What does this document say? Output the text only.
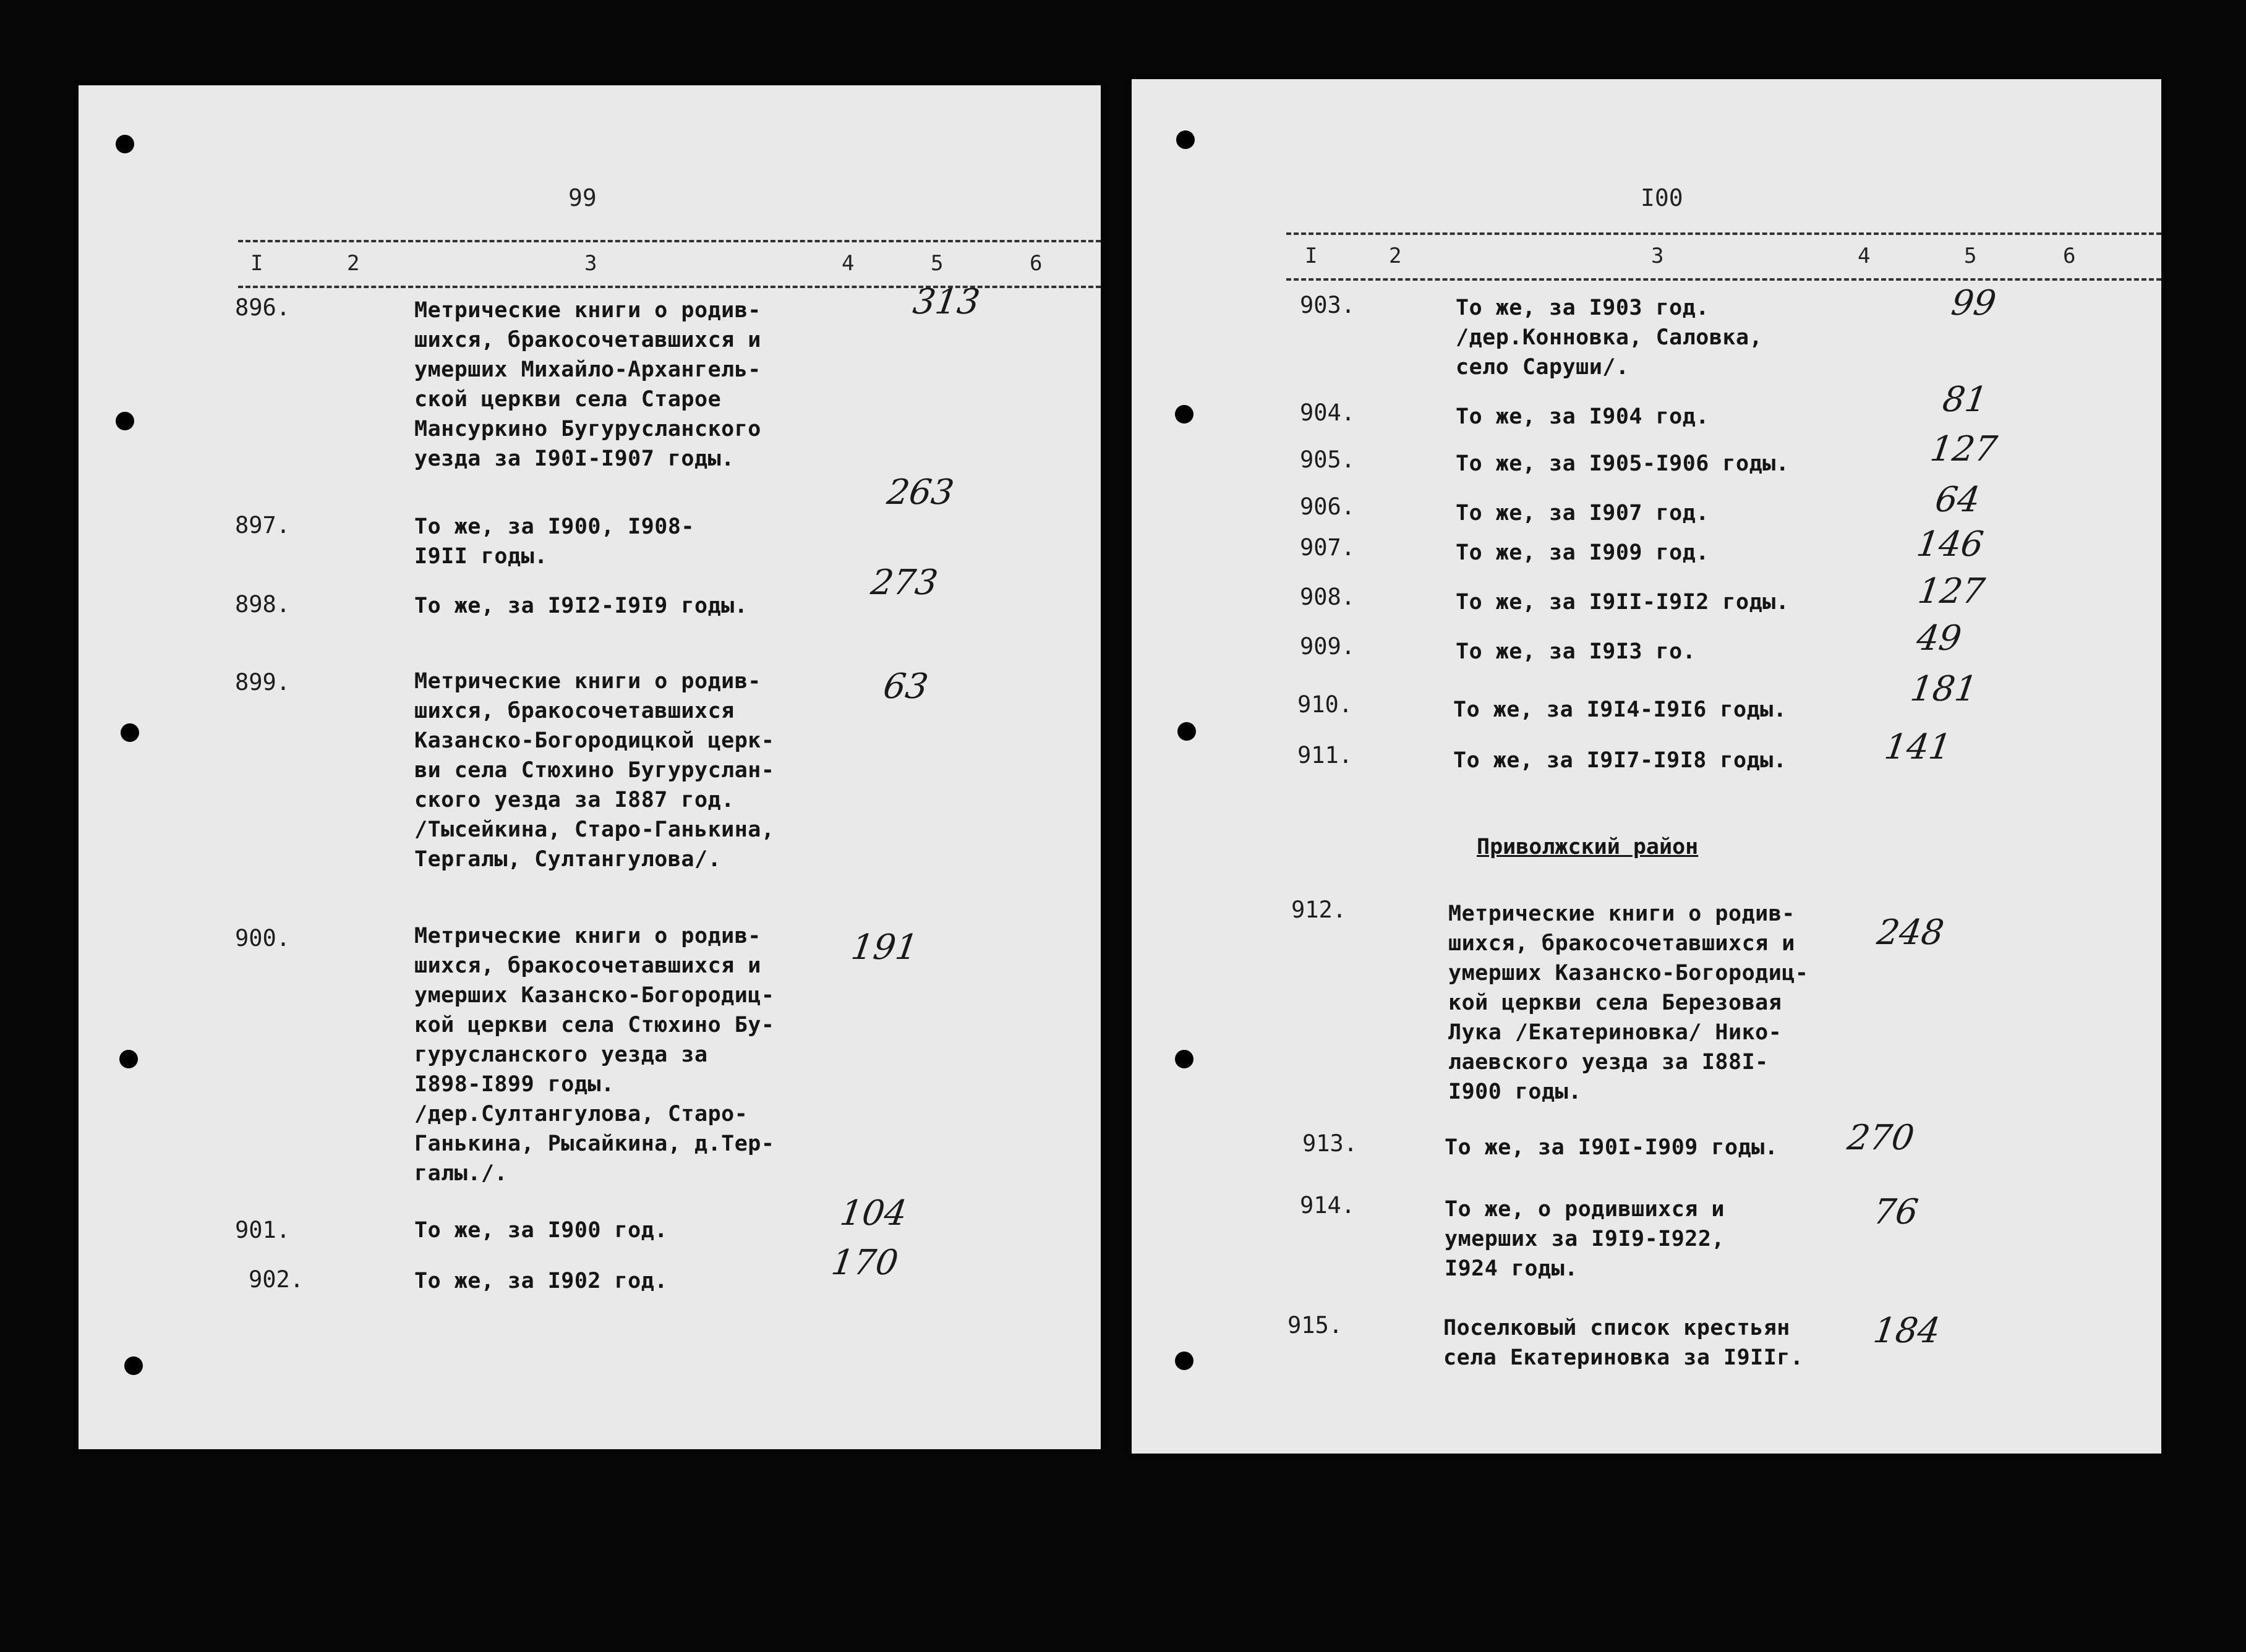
99
I	2	3	4	5	6
896.	Метрические книги о родив-
шихся, бракосочетавшихся и
умерших Михайло-Архангель-
ской церкви села Старое
Мансуркино Бугурусланского
уезда за I90I-I907 годы.
313
897.	То же, за I900, I908-
I9II годы.
263
898.	То же, за I9I2-I9I9 годы.
273
899.	Метрические книги о родив-
шихся, бракосочетавшихся
Казанско-Богородицкой церк-
ви села Стюхино Бугуруслан-
ского уезда за I887 год.
/Тысейкина, Старо-Ганькина,
Тергалы, Султангулова/.
63
900.	Метрические книги о родив-
шихся, бракосочетавшихся и
умерших Казанско-Богородиц-
кой церкви села Стюхино Бу-
гурусланского уезда за
I898-I899 годы.
/дер.Султангулова, Старо-
Ганькина, Рысайкина, д.Тер-
галы./.
191
901.	То же, за I900 год.	104
902.	То же, за I902 год.	170
I00
I	2	3	4	5	6
903.	То же, за I903 год.
/дер.Конновка, Саловка,
село Саруши/.
99
904.	То же, за I904 год.	81
905.	То же, за I905-I906 годы.	127
906.	То же, за I907 год.	64
907.	То же, за I909 год.	146
908.	То же, за I9II-I9I2 годы.	127
909.	То же, за I9I3 го.	49
910.	То же, за I9I4-I9I6 годы.
181
911.	То же, за I9I7-I9I8 годы.	141
Приволжский район
912.	Метрические книги о родив-
шихся, бракосочетавшихся и
умерших Казанско-Богородиц-
кой церкви села Березовая
Лука /Екатериновка/ Нико-
лаевского уезда за I88I-
I900 годы.
248
913.	То же, за I90I-I909 годы. 270
914.	То же, о родившихся и
умерших за I9I9-I922,
I924 годы.
76
915.	Поселковый список крестьян
села Екатериновка за I9IIг.
184
